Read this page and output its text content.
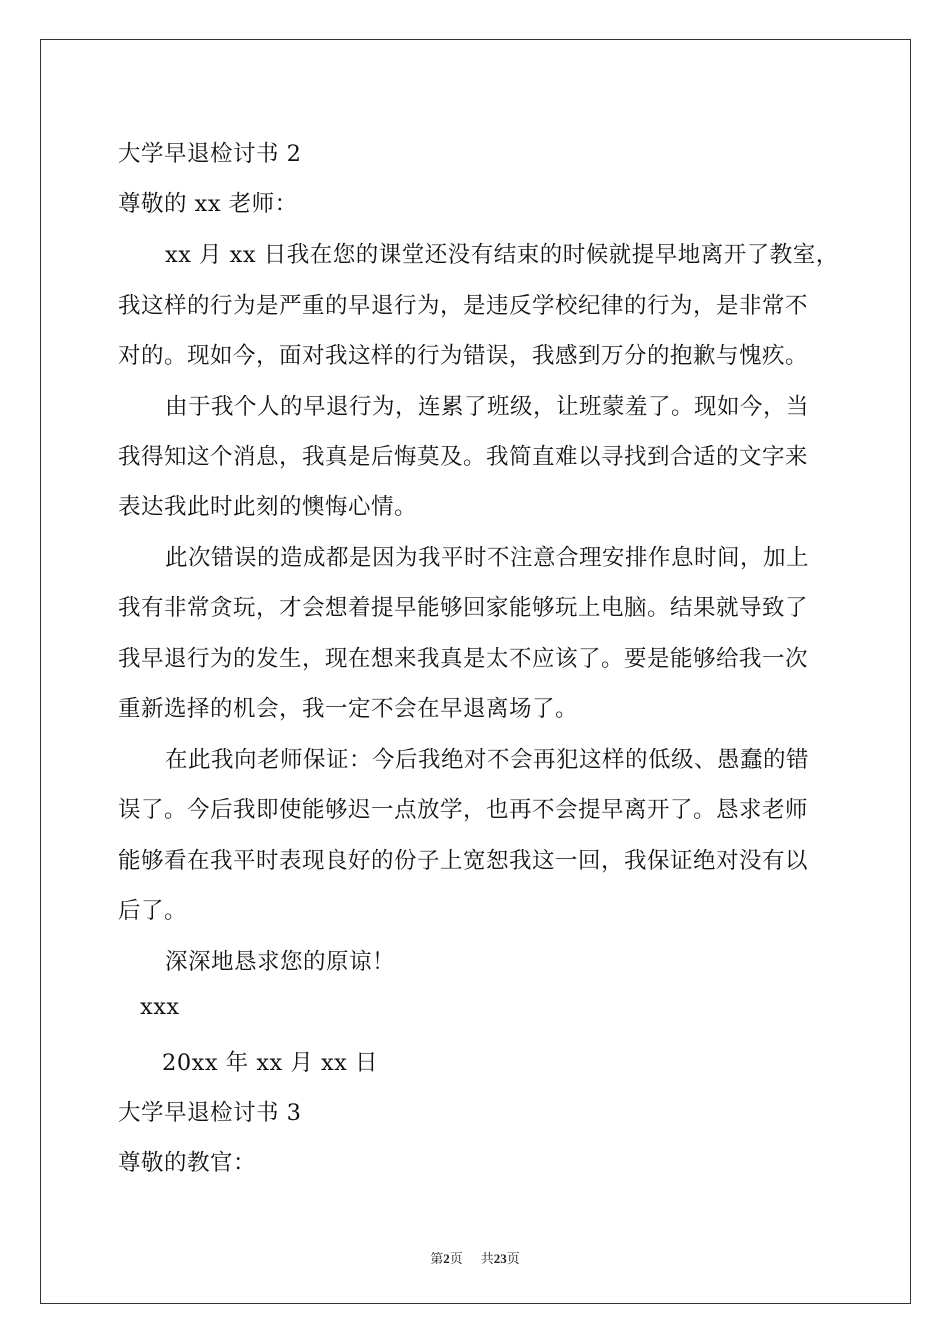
大学早退检讨书 2
尊敬的 xx 老师：
xx 月 xx 日我在您的课堂还没有结束的时候就提早地离开了教室，
我这样的行为是严重的早退行为，是违反学校纪律的行为，是非常不
对的。现如今，面对我这样的行为错误，我感到万分的抱歉与愧疚。
由于我个人的早退行为，连累了班级，让班蒙羞了。现如今，当
我得知这个消息，我真是后悔莫及。我简直难以寻找到合适的文字来
表达我此时此刻的懊悔心情。
此次错误的造成都是因为我平时不注意合理安排作息时间，加上
我有非常贪玩，才会想着提早能够回家能够玩上电脑。结果就导致了
我早退行为的发生，现在想来我真是太不应该了。要是能够给我一次
重新选择的机会，我一定不会在早退离场了。
在此我向老师保证：今后我绝对不会再犯这样的低级、愚蠢的错
误了。今后我即使能够迟一点放学，也再不会提早离开了。恳求老师
能够看在我平时表现良好的份子上宽恕我这一回，我保证绝对没有以
后了。
深深地恳求您的原谅！
xxx
20xx 年 xx 月 xx 日
大学早退检讨书 3
尊敬的教官：
第2页 共23页
